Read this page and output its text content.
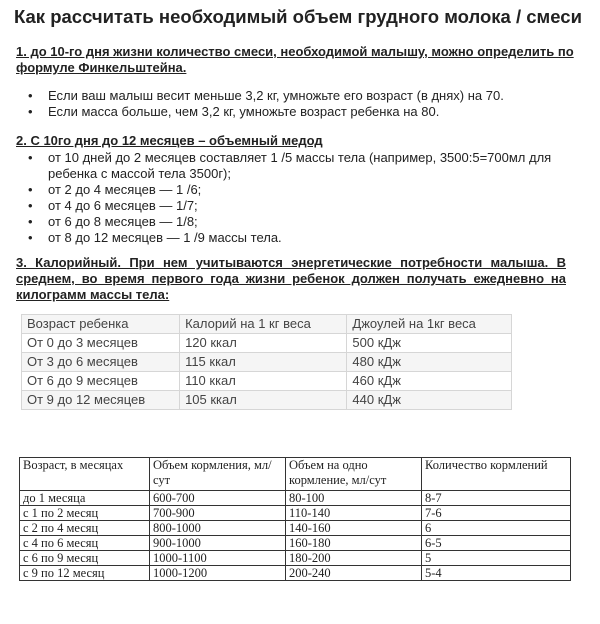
Как рассчитать необходимый объем грудного молока / смеси
1. до 10-го дня жизни количество смеси, необходимой малышу, можно определить по
формуле Финкельштейна.
• Если ваш малыш весит меньше 3,2 кг, умножьте его возраст (в днях) на 70.
• Если масса больше, чем 3,2 кг, умножьте возраст ребенка на 80.
2. С 10го дня до 12 месяцев – объемный медод
• от 10 дней до 2 месяцев составляет 1 /5 массы тела (например, 3500:5=700мл для ребенка с массой тела 3500г);
• от 2 до 4 месяцев — 1 /6;
• от 4 до 6 месяцев — 1/7;
• от 6 до 8 месяцев — 1/8;
• от 8 до 12 месяцев — 1 /9 массы тела.
3. Калорийный. При нем учитываются энергетические потребности малыша. В среднем, во время первого года жизни ребенок должен получать ежедневно на килограмм массы тела:
Возраст ребенка	Калорий на 1 кг веса	Джоулей на 1кг веса
От 0 до 3 месяцев	120 ккал	500 кДж
От 3 до 6 месяцев	115 ккал	480 кДж
От 6 до 9 месяцев	110 ккал	460 кДж
От 9 до 12 месяцев	105 ккал	440 кДж
Возраст, в месяцах	Объем кормления, мл/сут	Объем на одно кормление, мл/сут	Количество кормлений
до 1 месяца	600-700	80-100	8-7
с 1 по 2 месяц	700-900	110-140	7-6
с 2 по 4 месяц	800-1000	140-160	6
с 4 по 6 месяц	900-1000	160-180	6-5
с 6 по 9 месяц	1000-1100	180-200	5
с 9 по 12 месяц	1000-1200	200-240	5-4
